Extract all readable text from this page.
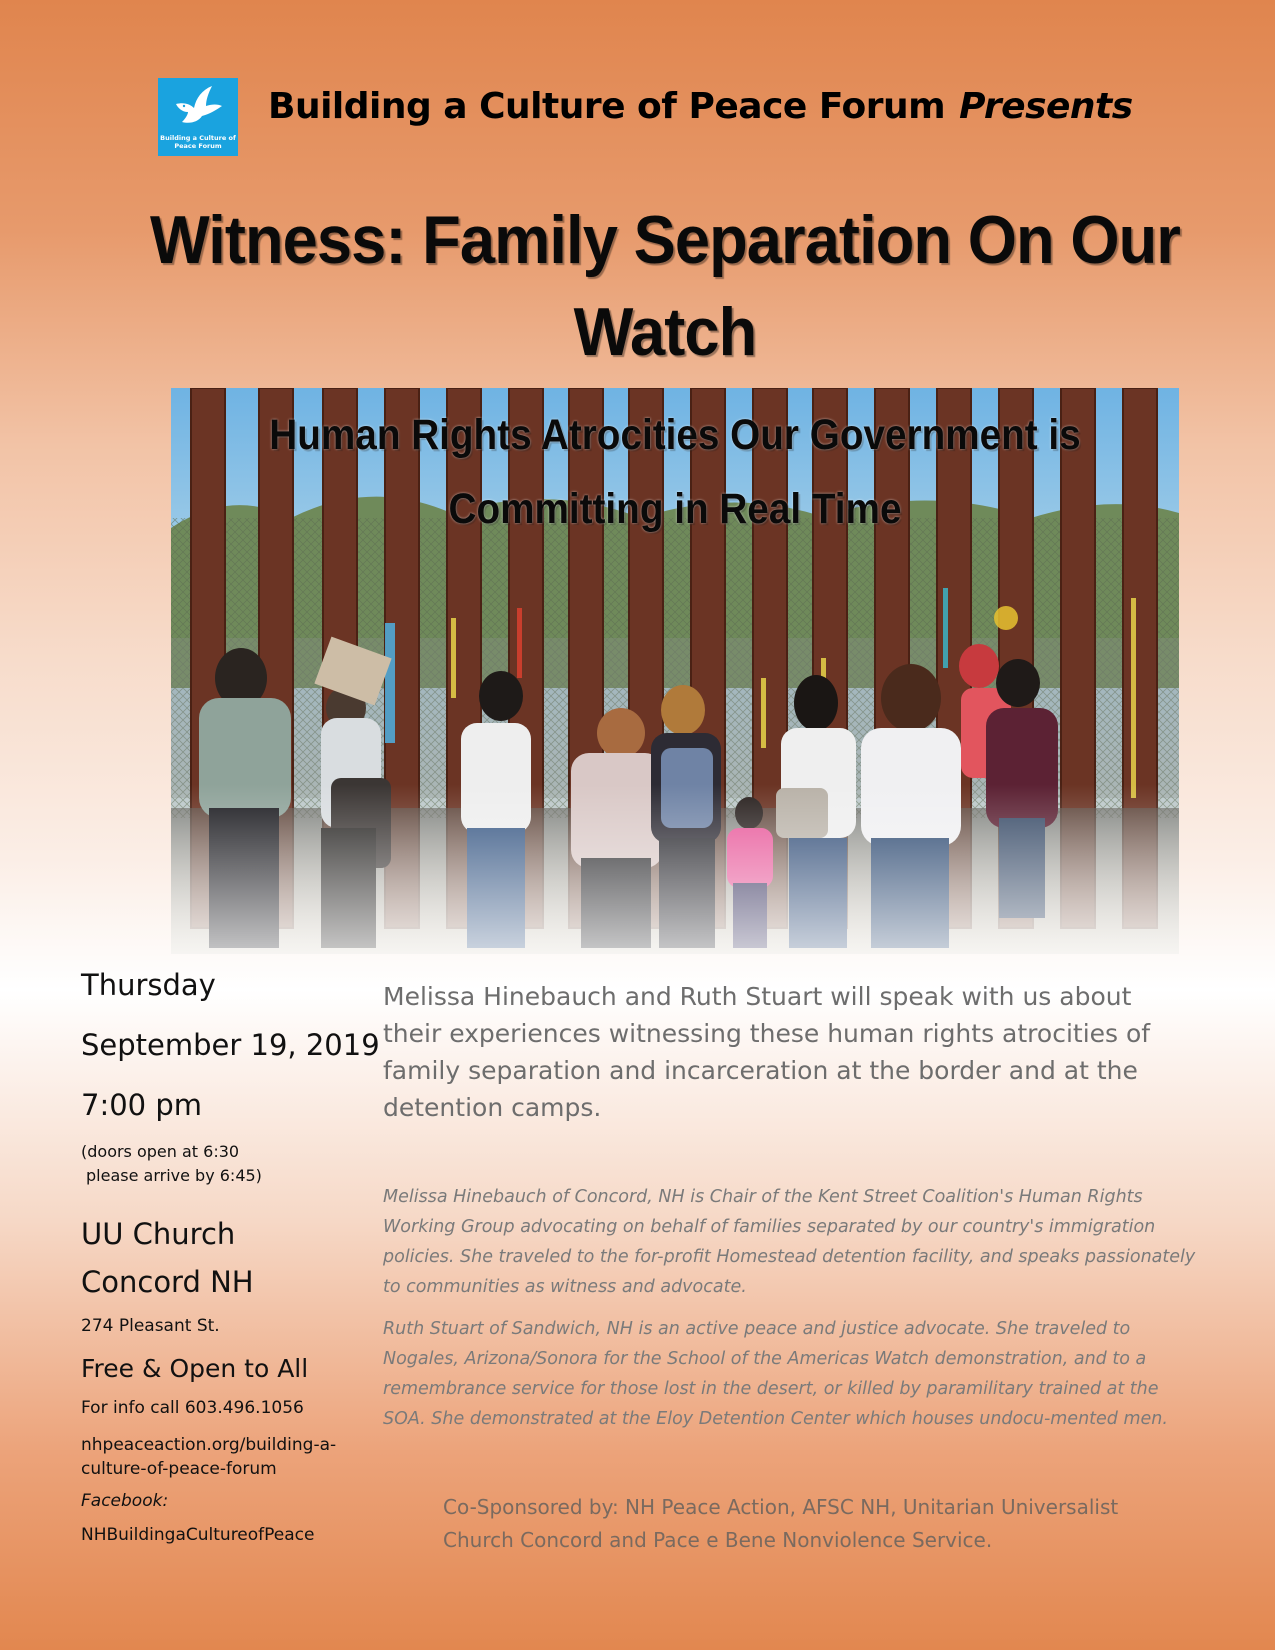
Building a Culture of Peace Forum
Building a Culture of Peace Forum Presents
Witness: Family Separation On Our
Watch
Human Rights Atrocities Our Government is
Committing in Real Time
Thursday
September 19, 2019
7:00 pm
(doors open at 6:30
please arrive by 6:45)
UU Church
Concord NH
274 Pleasant St.
Free & Open to All
For info call 603.496.1056
nhpeaceaction.org/building-a-
culture-of-peace-forum
Facebook:
NHBuildingaCultureofPeace
Melissa Hinebauch and Ruth Stuart will speak with us about their experiences witnessing these human rights atrocities of family separation and incarceration at the border and at the detention camps.
Melissa Hinebauch of Concord, NH is Chair of the Kent Street Coalition's Human Rights Working Group advocating on behalf of families separated by our country's immigration policies. She traveled to the for-profit Homestead detention facility, and speaks passionately to communities as witness and advocate.
Ruth Stuart of Sandwich, NH is an active peace and justice advocate. She traveled to Nogales, Arizona/Sonora for the School of the Americas Watch demonstration, and to a remembrance service for those lost in the desert, or killed by paramilitary trained at the SOA. She demonstrated at the Eloy Detention Center which houses undocu-mented men.
Co-Sponsored by: NH Peace Action, AFSC NH, Unitarian Universalist Church Concord and Pace e Bene Nonviolence Service.
